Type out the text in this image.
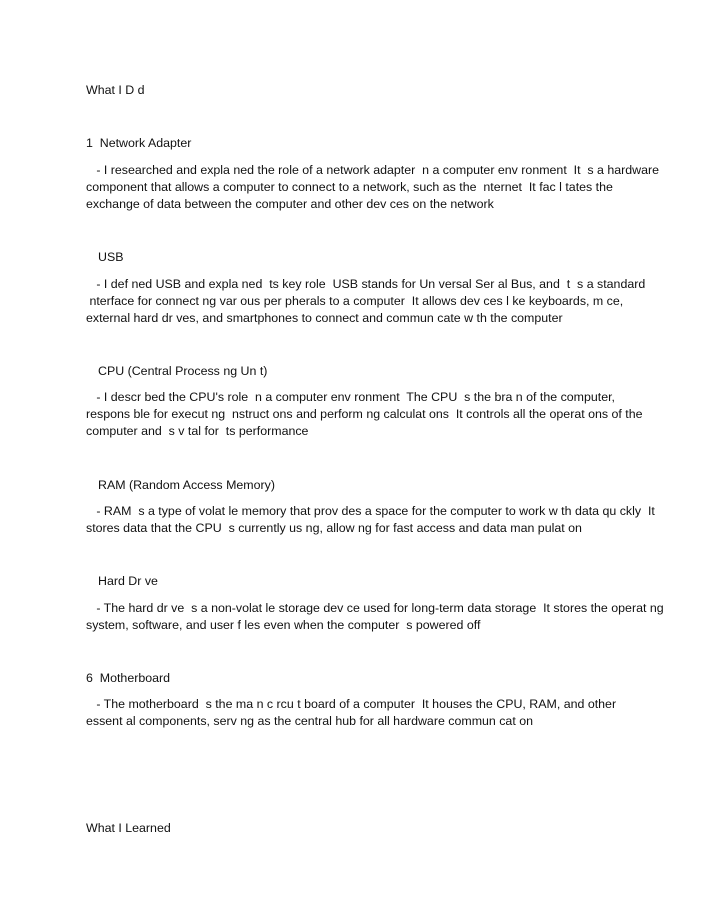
What I D d
1  Network Adapter
- I researched and expla ned the role of a network adapter  n a computer env ronment  It  s a hardware
component that allows a computer to connect to a network, such as the  nternet  It fac l tates the
exchange of data between the computer and other dev ces on the network
USB
- I def ned USB and expla ned  ts key role  USB stands for Un versal Ser al Bus, and  t  s a standard
nterface for connect ng var ous per pherals to a computer  It allows dev ces l ke keyboards, m ce,
external hard dr ves, and smartphones to connect and commun cate w th the computer
CPU (Central Process ng Un t)
- I descr bed the CPU's role  n a computer env ronment  The CPU  s the bra n of the computer,
respons ble for execut ng  nstruct ons and perform ng calculat ons  It controls all the operat ons of the
computer and  s v tal for  ts performance
RAM (Random Access Memory)
- RAM  s a type of volat le memory that prov des a space for the computer to work w th data qu ckly  It
stores data that the CPU  s currently us ng, allow ng for fast access and data man pulat on
Hard Dr ve
- The hard dr ve  s a non-volat le storage dev ce used for long-term data storage  It stores the operat ng
system, software, and user f les even when the computer  s powered off
6  Motherboard
- The motherboard  s the ma n c rcu t board of a computer  It houses the CPU, RAM, and other
essent al components, serv ng as the central hub for all hardware commun cat on
What I Learned
